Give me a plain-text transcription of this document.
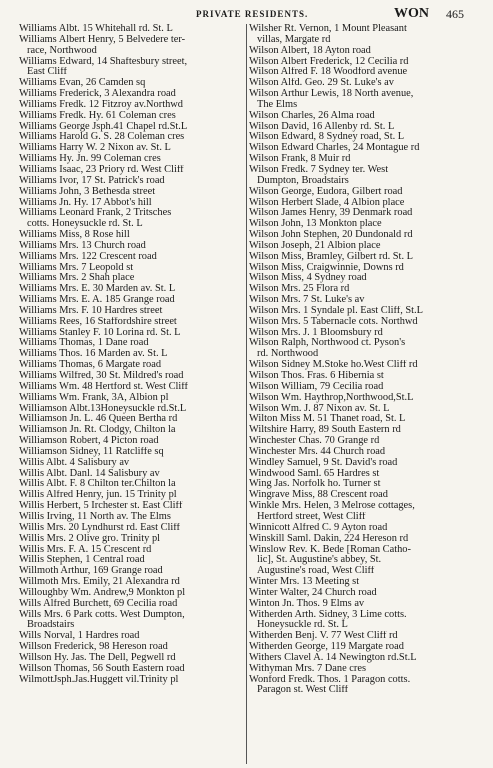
PRIVATE RESIDENTS.	WON 465
Williams Albt. 15 Whitehall rd. St. L
Williams Albert Henry, 5 Belvedere ter-
race, Northwood
Williams Edward, 14 Shaftesbury street,
East Cliff
Williams Evan, 26 Camden sq
Williams Frederick, 3 Alexandra road
Williams Fredk. 12 Fitzroy av.Northwd
Williams Fredk. Hy. 61 Coleman cres
Williams George Jsph.41 Chapel rd.St.L
Williams Harold G. S. 28 Coleman cres
Williams Harry W. 2 Nixon av. St. L
Williams Hy. Jn. 99 Coleman cres
Williams Isaac, 23 Priory rd. West Cliff
Williams Ivor, 17 St. Patrick's road
Williams John, 3 Bethesda street
Williams Jn. Hy. 17 Abbot's hill
Williams Leonard Frank, 2 Tritsches
cotts. Honeysuckle rd. St. L
Williams Miss, 8 Rose hill
Williams Mrs. 13 Church road
Williams Mrs. 122 Crescent road
Williams Mrs. 7 Leopold st
Williams Mrs. 2 Shah place
Williams Mrs. E. 30 Marden av. St. L
Williams Mrs. E. A. 185 Grange road
Williams Mrs. F. 10 Hardres street
Williams Rees, 16 Staffordshire street
Williams Stanley F. 10 Lorina rd. St. L
Williams Thomas, 1 Dane road
Williams Thos. 16 Marden av. St. L
Williams Thomas, 6 Margate road
Williams Wilfred, 30 St. Mildred's road
Williams Wm. 48 Hertford st. West Cliff
Williams Wm. Frank, 3A, Albion pl
Williamson Albt.13Honeysuckle rd.St.L
Williamson Jn. L. 46 Queen Bertha rd
Williamson Jn. Rt. Clodgy, Chilton la
Williamson Robert, 4 Picton road
Williamson Sidney, 11 Ratcliffe sq
Willis Albt. 4 Salisbury av
Willis Albt. Danl. 14 Salisbury av
Willis Albt. F. 8 Chilton ter.Chilton la
Willis Alfred Henry, jun. 15 Trinity pl
Willis Herbert, 5 Irchester st. East Cliff
Willis Irving, 11 North av. The Elms
Willis Mrs. 20 Lyndhurst rd. East Cliff
Willis Mrs. 2 Olive gro. Trinity pl
Willis Mrs. F. A. 15 Crescent rd
Willis Stephen, 1 Central road
Willmoth Arthur, 169 Grange road
Willmoth Mrs. Emily, 21 Alexandra rd
Willoughby Wm. Andrew,9 Monkton pl
Wills Alfred Burchett, 69 Cecilia road
Wills Mrs. 6 Park cotts. West Dumpton,
Broadstairs
Wills Norval, 1 Hardres road
Willson Frederick, 98 Hereson road
Willson Hy. Jas. The Dell, Pegwell rd
Willson Thomas, 56 South Eastern road
WilmottJsph.Jas.Huggett vil.Trinity pl
Wilsher Rt. Vernon, 1 Mount Pleasant
villas, Margate rd
Wilson Albert, 18 Ayton road
Wilson Albert Frederick, 12 Cecilia rd
Wilson Alfred F. 18 Woodford avenue
Wilson Alfd. Geo. 29 St. Luke's av
Wilson Arthur Lewis, 18 North avenue,
The Elms
Wilson Charles, 26 Alma road
Wilson David, 16 Allenby rd. St. L
Wilson Edward, 8 Sydney road, St. L
Wilson Edward Charles, 24 Montague rd
Wilson Frank, 8 Muir rd
Wilson Fredk. 7 Sydney ter. West
Dumpton, Broadstairs
Wilson George, Eudora, Gilbert road
Wilson Herbert Slade, 4 Albion place
Wilson James Henry, 39 Denmark road
Wilson John, 13 Monkton place
Wilson John Stephen, 20 Dundonald rd
Wilson Joseph, 21 Albion place
Wilson Miss, Bramley, Gilbert rd. St. L
Wilson Miss, Craigwinnie, Downs rd
Wilson Miss, 4 Sydney road
Wilson Mrs. 25 Flora rd
Wilson Mrs. 7 St. Luke's av
Wilson Mrs. 1 Syndale pl. East Cliff, St.L
Wilson Mrs. 5 Tabernacle cots. Northwd
Wilson Mrs. J. 1 Bloomsbury rd
Wilson Ralph, Northwood ct. Pyson's
rd. Northwood
Wilson Sidney M.Stoke ho.West Cliff rd
Wilson Thos. Fras. 6 Hibernia st
Wilson William, 79 Cecilia road
Wilson Wm. Haythrop,Northwood,St.L
Wilson Wm. J. 87 Nixon av. St. L
Wilton Miss M. 51 Thanet road, St. L
Wiltshire Harry, 89 South Eastern rd
Winchester Chas. 70 Grange rd
Winchester Mrs. 44 Church road
Windley Samuel, 9 St. David's road
Windwood Saml. 65 Hardres st
Wing Jas. Norfolk ho. Turner st
Wingrave Miss, 88 Crescent road
Winkle Mrs. Helen, 3 Melrose cottages,
Hertford street, West Cliff
Winnicott Alfred C. 9 Ayton road
Winskill Saml. Dakin, 224 Hereson rd
Winslow Rev. K. Bede [Roman Catho-
lic], St. Augustine's abbey, St.
Augustine's road, West Cliff
Winter Mrs. 13 Meeting st
Winter Walter, 24 Church road
Winton Jn. Thos. 9 Elms av
Witherden Arth. Sidney, 3 Lime cotts.
Honeysuckle rd. St. L
Witherden Benj. V. 77 West Cliff rd
Witherden George, 119 Margate road
Withers Clavel A. 14 Newington rd.St.L
Withyman Mrs. 7 Dane cres
Wonford Fredk. Thos. 1 Paragon cotts.
Paragon st. West Cliff
